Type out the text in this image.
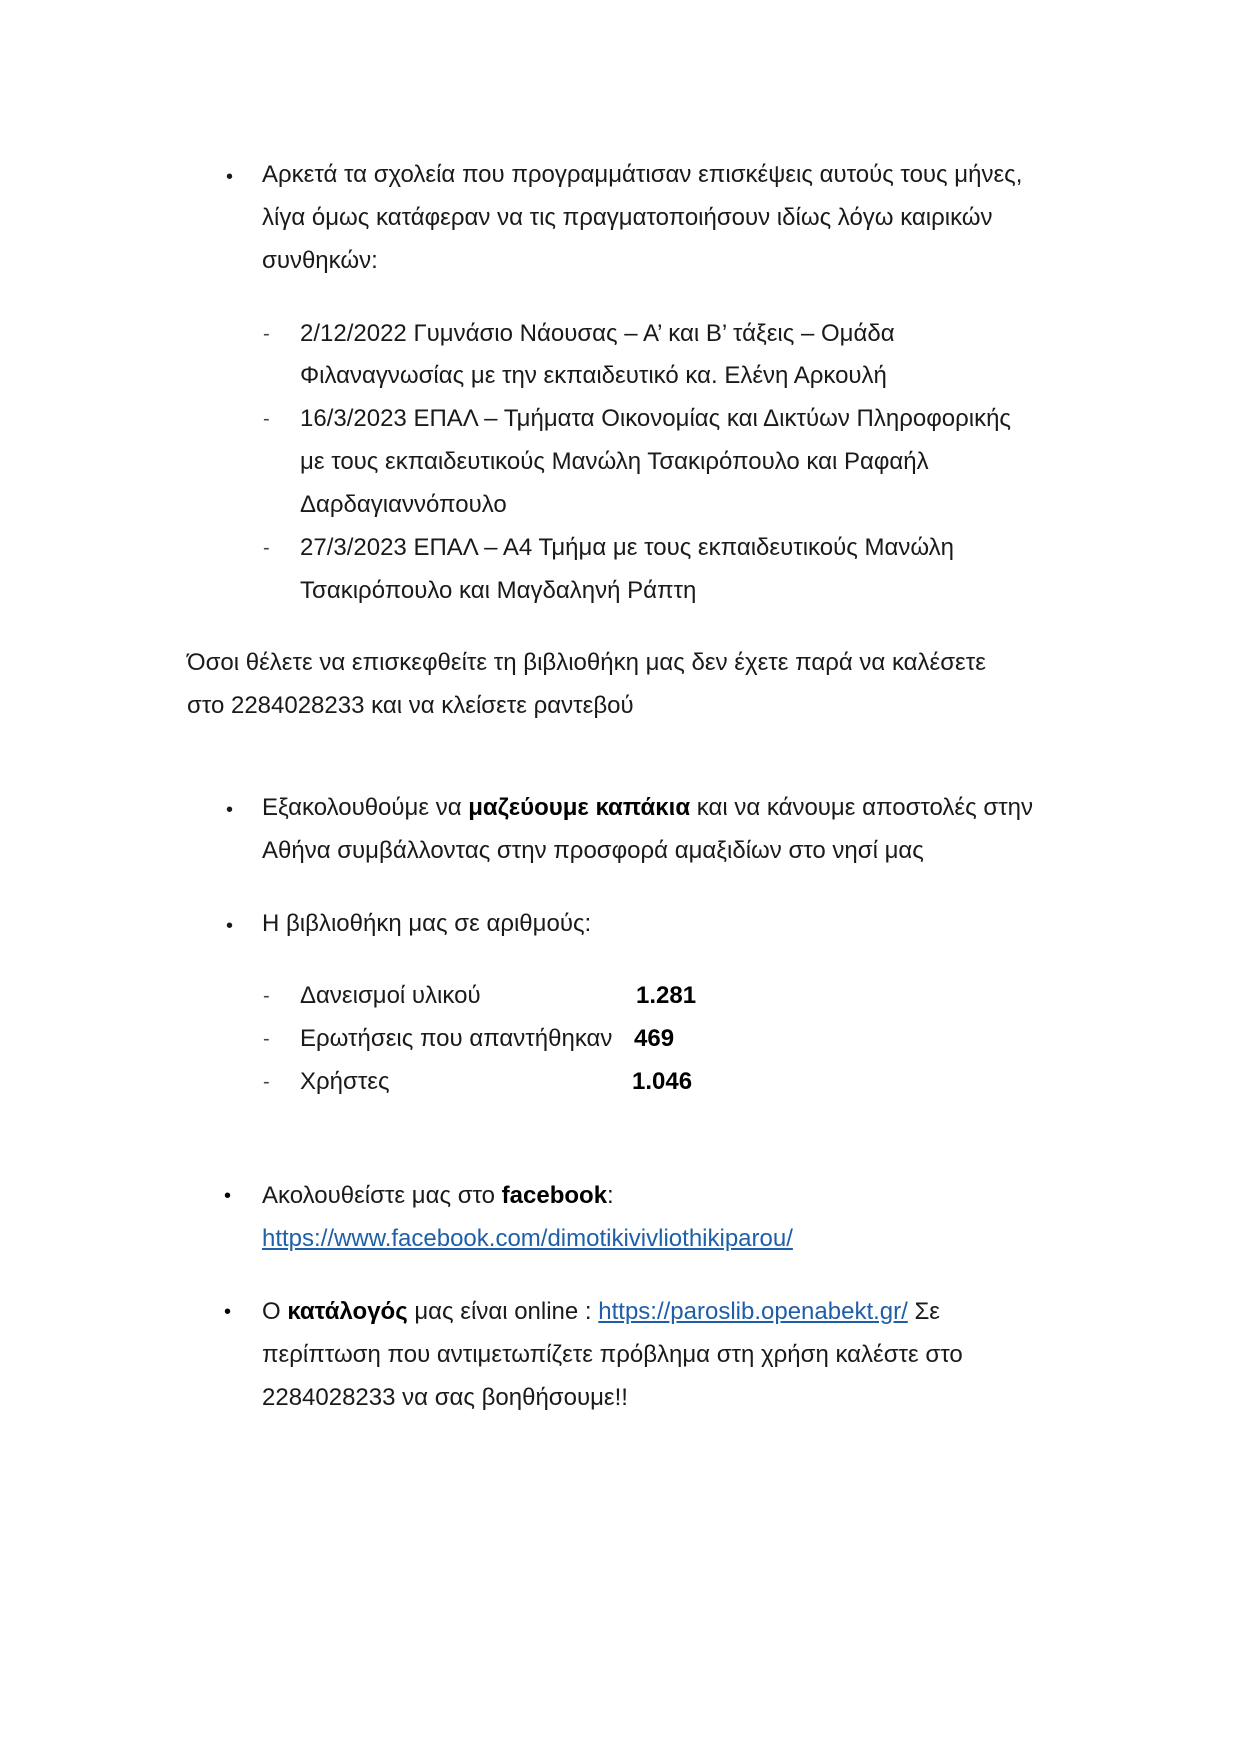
• Αρκετά τα σχολεία που προγραμμάτισαν επισκέψεις αυτούς τους μήνες,
λίγα όμως κατάφεραν να τις πραγματοποιήσουν ιδίως λόγω καιρικών
συνθηκών:
- 2/12/2022 Γυμνάσιο Νάουσας – Α’ και Β’ τάξεις – Ομάδα
Φιλαναγνωσίας με την εκπαιδευτικό κα. Ελένη Αρκουλή
- 16/3/2023 ΕΠΑΛ – Τμήματα Οικονομίας και Δικτύων Πληροφορικής
με τους εκπαιδευτικούς Μανώλη Τσακιρόπουλο και Ραφαήλ
Δαρδαγιαννόπουλο
- 27/3/2023 ΕΠΑΛ – Α4 Τμήμα με τους εκπαιδευτικούς Μανώλη
Τσακιρόπουλο και Μαγδαληνή Ράπτη
Όσοι θέλετε να επισκεφθείτε τη βιβλιοθήκη μας δεν έχετε παρά να καλέσετε
στο 2284028233 και να κλείσετε ραντεβού
• Εξακολουθούμε να μαζεύουμε καπάκια και να κάνουμε αποστολές στην
Αθήνα συμβάλλοντας στην προσφορά αμαξιδίων στο νησί μας
• Η βιβλιοθήκη μας σε αριθμούς:
- Δανεισμοί υλικού	1.281
- Ερωτήσεις που απαντήθηκαν 469
- Χρήστες	1.046
• Ακολουθείστε μας στο facebook:
https://www.facebook.com/dimotikivivliothikiparou/
• Ο κατάλογός μας είναι online : https://paroslib.openabekt.gr/ Σε
περίπτωση που αντιμετωπίζετε πρόβλημα στη χρήση καλέστε στο
2284028233 να σας βοηθήσουμε!!
